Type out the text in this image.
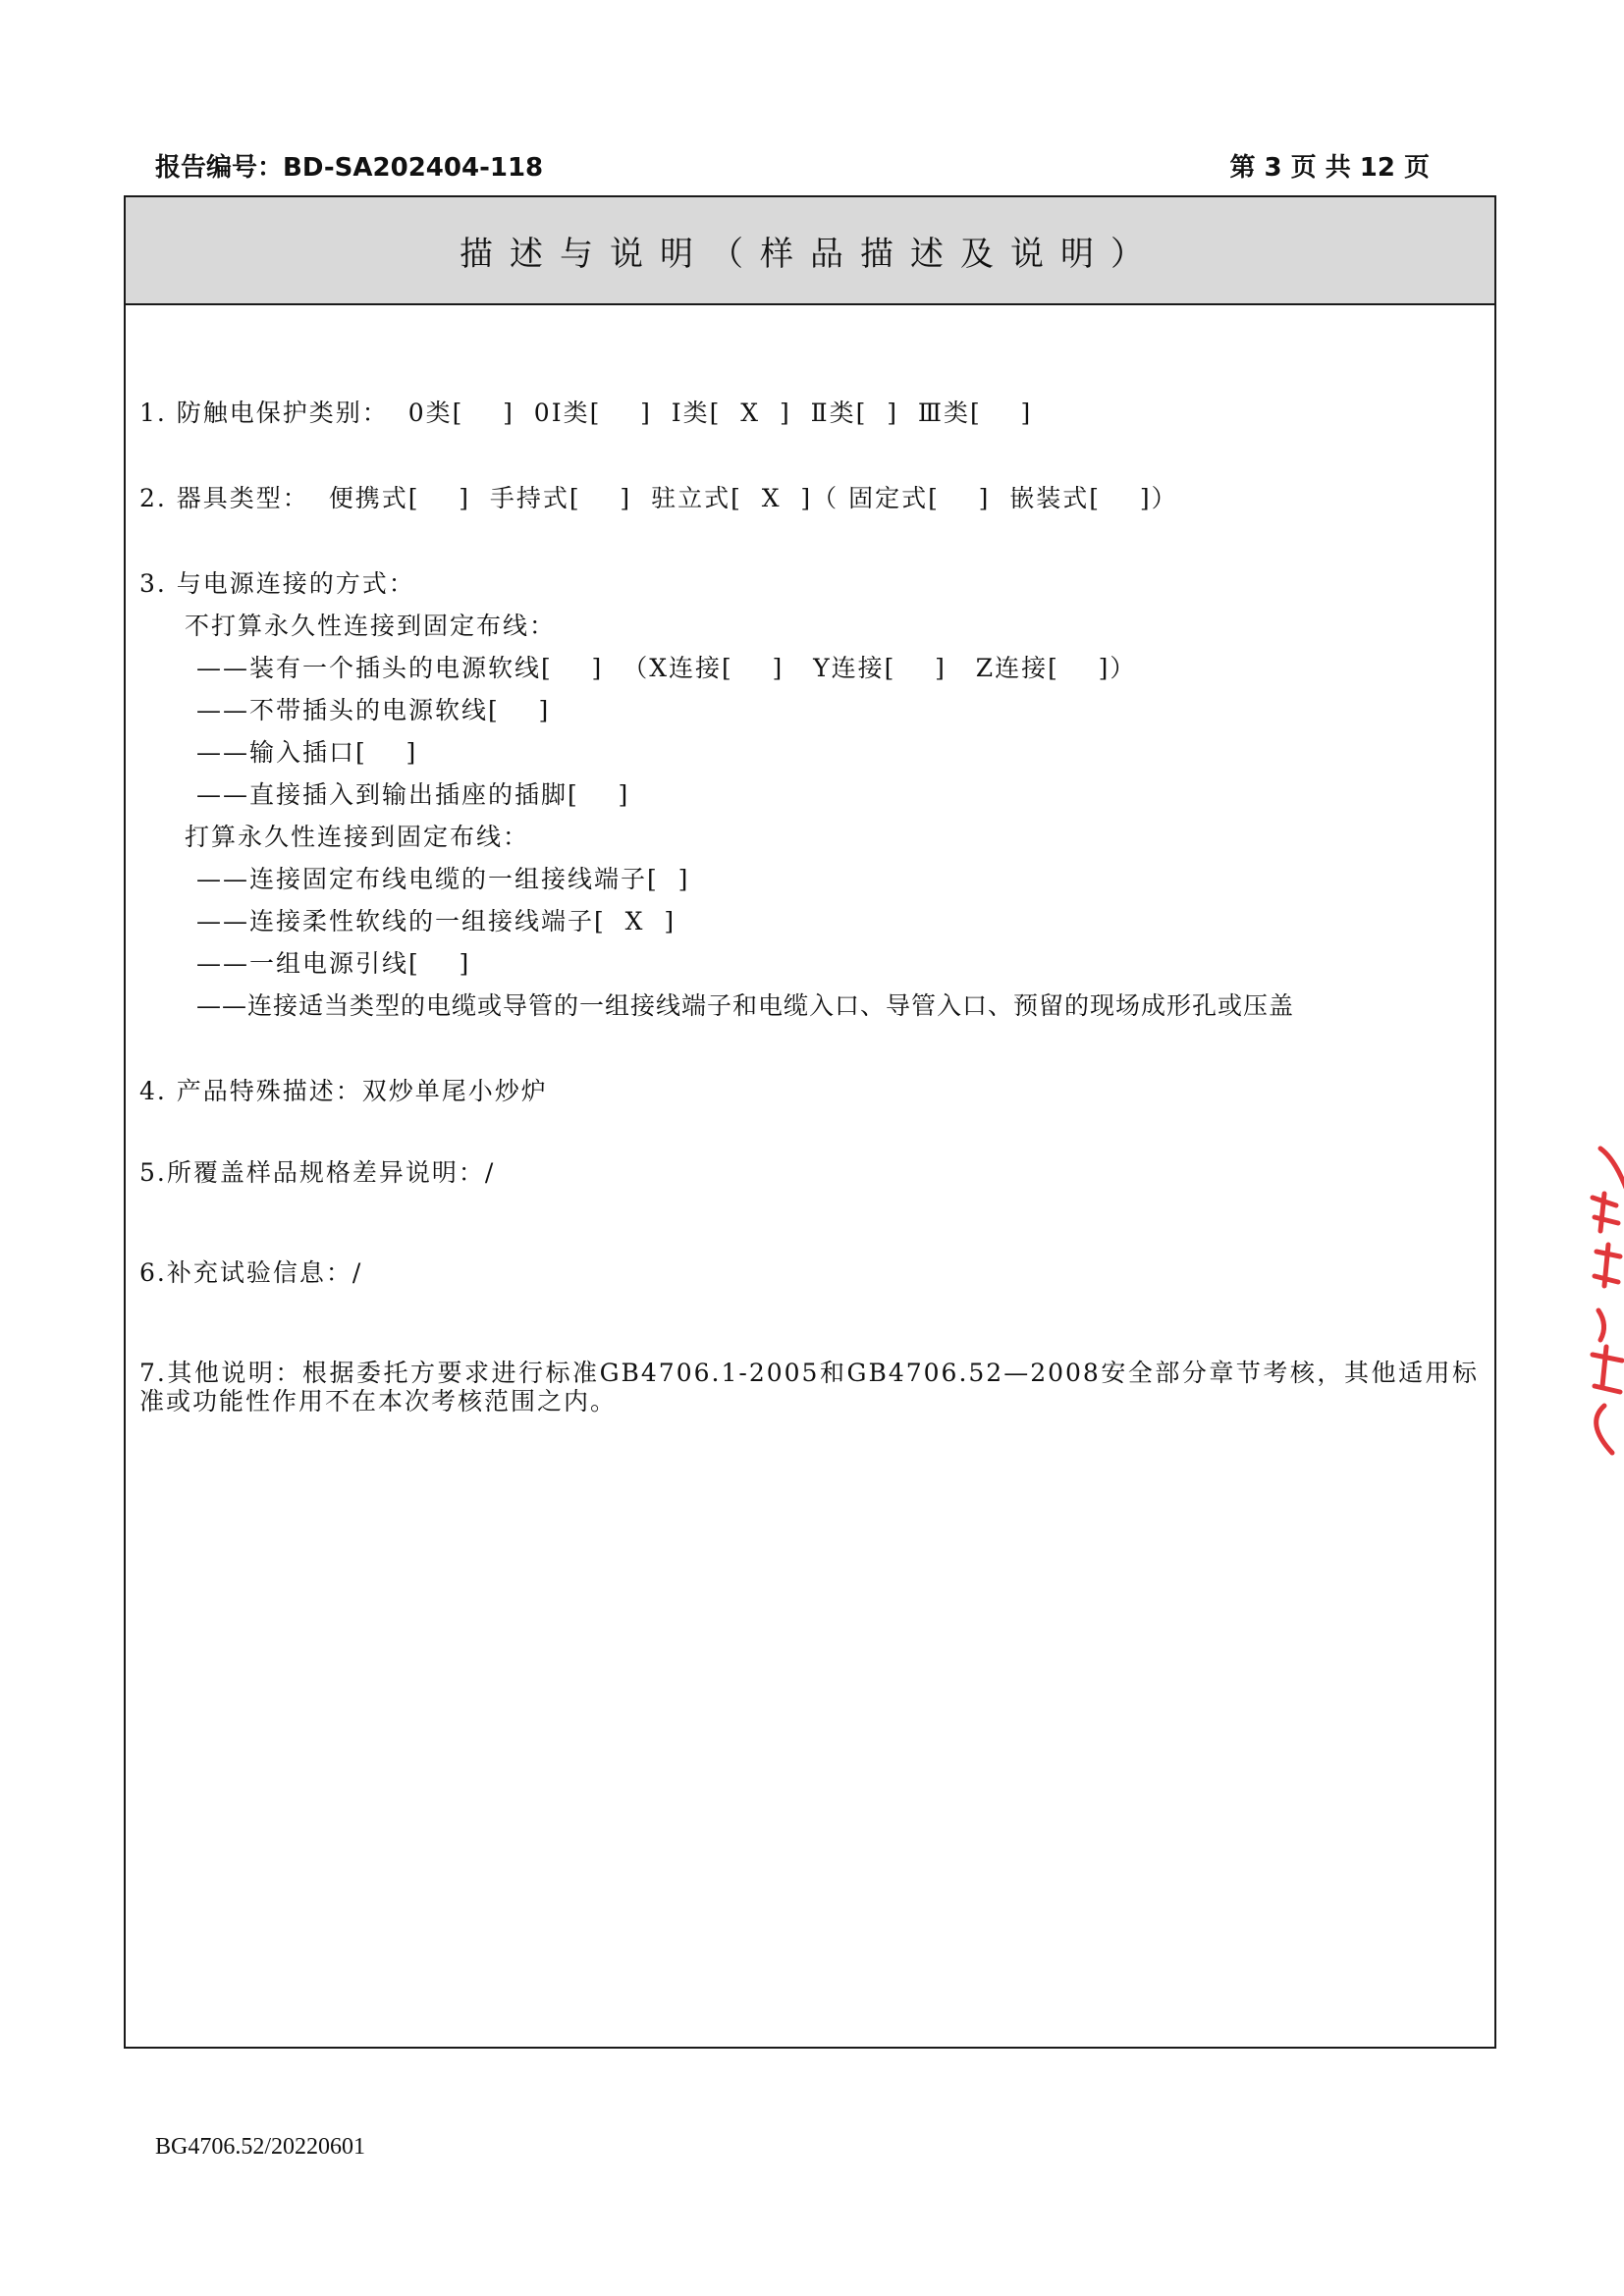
报告编号：BD-SA202404-118	第 3 页 共 12 页
描述与说明（样品描述及说明）
1. 防触电保护类别：  0类[    ]  0Ⅰ类[    ]  Ⅰ类[  X  ]  Ⅱ类[  ]  Ⅲ类[    ]
2. 器具类型：  便携式[    ]  手持式[    ]  驻立式[  X  ]（ 固定式[    ]  嵌装式[    ]）
3. 与电源连接的方式：
不打算永久性连接到固定布线：
——装有一个插头的电源软线[    ]  （X连接[    ]   Y连接[    ]   Z连接[    ]）
——不带插头的电源软线[    ]
——输入插口[    ]
——直接插入到输出插座的插脚[    ]
打算永久性连接到固定布线：
——连接固定布线电缆的一组接线端子[  ]
——连接柔性软线的一组接线端子[  X  ]
——一组电源引线[    ]
——连接适当类型的电缆或导管的一组接线端子和电缆入口、导管入口、预留的现场成形孔或压盖
4. 产品特殊描述：双炒单尾小炒炉
5.所覆盖样品规格差异说明：/
6.补充试验信息：/
7.其他说明：根据委托方要求进行标准GB4706.1-2005和GB4706.52—2008安全部分章节考核，其他适用标准或功能性作用不在本次考核范围之内。
BG4706.52/20220601
